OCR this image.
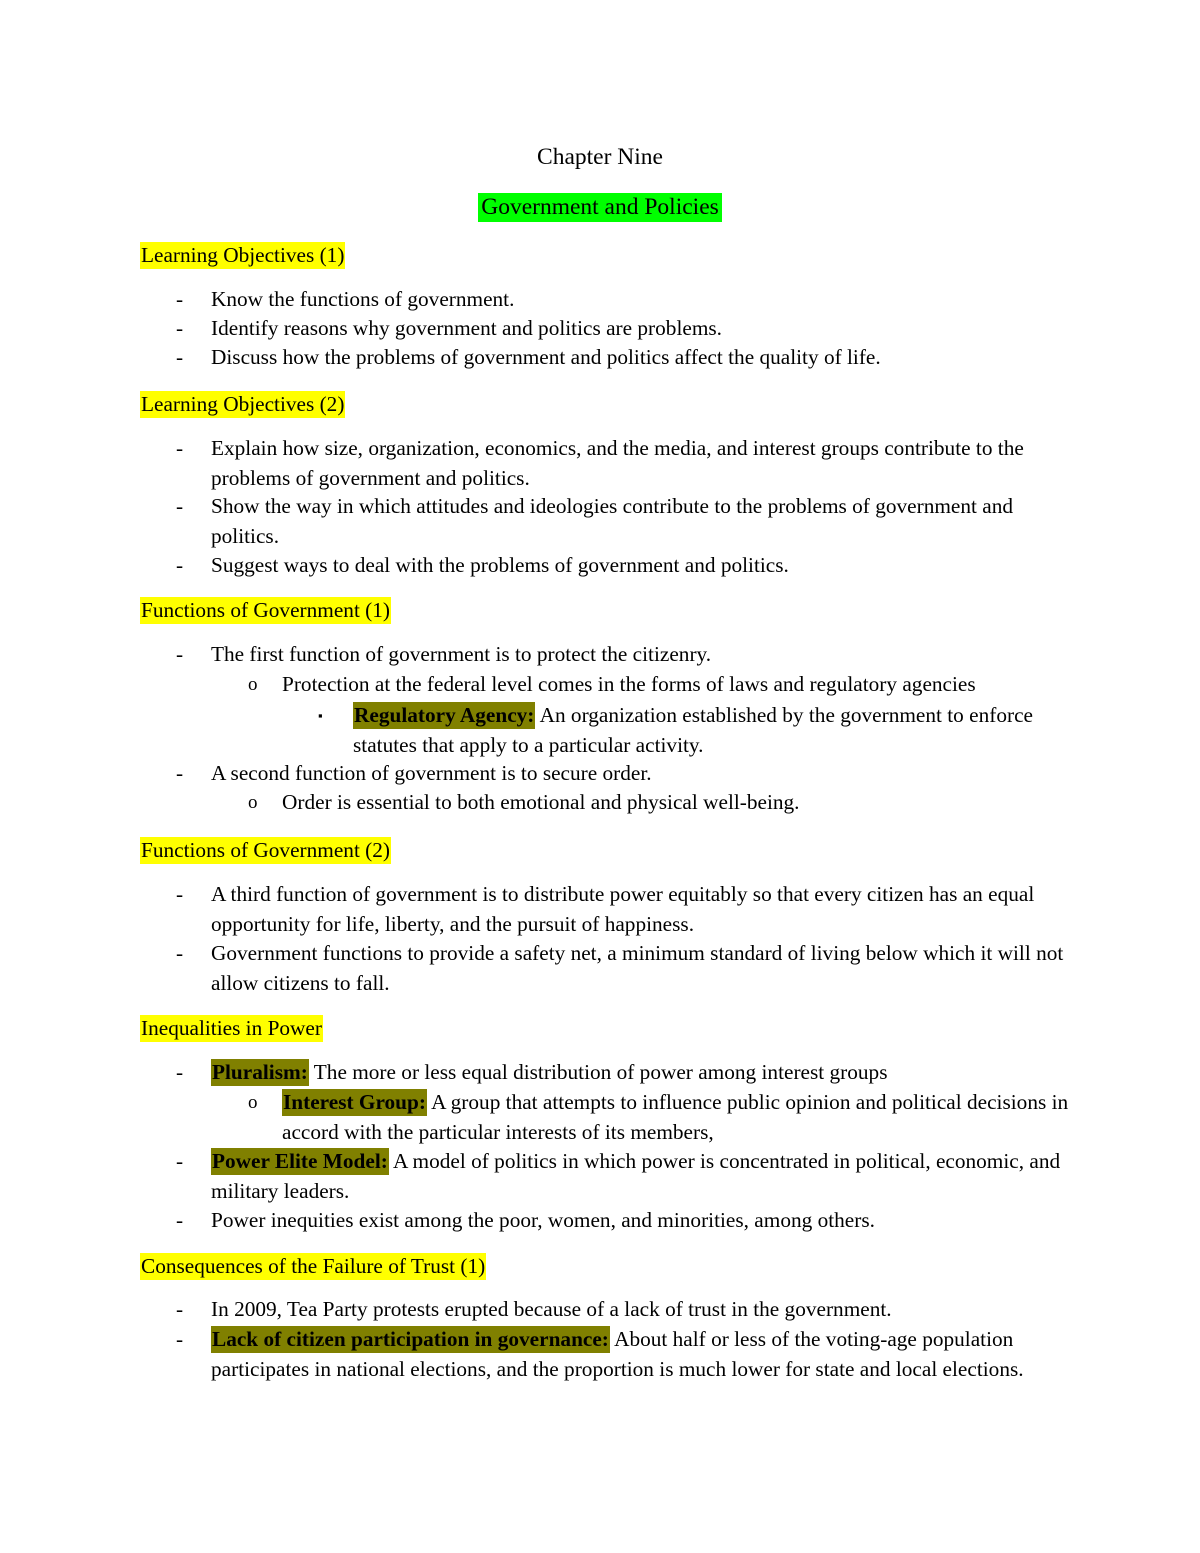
Chapter Nine
Government and Policies
Learning Objectives (1)
- Know the functions of government.
- Identify reasons why government and politics are problems.
- Discuss how the problems of government and politics affect the quality of life.
Learning Objectives (2)
- Explain how size, organization, economics, and the media, and interest groups contribute to the problems of government and politics.
- Show the way in which attitudes and ideologies contribute to the problems of government and politics.
- Suggest ways to deal with the problems of government and politics.
Functions of Government (1)
- The first function of government is to protect the citizenry.
o Protection at the federal level comes in the forms of laws and regulatory agencies
▪ Regulatory Agency: An organization established by the government to enforce statutes that apply to a particular activity.
- A second function of government is to secure order.
o Order is essential to both emotional and physical well-being.
Functions of Government (2)
- A third function of government is to distribute power equitably so that every citizen has an equal opportunity for life, liberty, and the pursuit of happiness.
- Government functions to provide a safety net, a minimum standard of living below which it will not allow citizens to fall.
Inequalities in Power
- Pluralism: The more or less equal distribution of power among interest groups
o Interest Group: A group that attempts to influence public opinion and political decisions in accord with the particular interests of its members,
- Power Elite Model: A model of politics in which power is concentrated in political, economic, and military leaders.
- Power inequities exist among the poor, women, and minorities, among others.
Consequences of the Failure of Trust (1)
- In 2009, Tea Party protests erupted because of a lack of trust in the government.
- Lack of citizen participation in governance: About half or less of the voting-age population participates in national elections, and the proportion is much lower for state and local elections.
